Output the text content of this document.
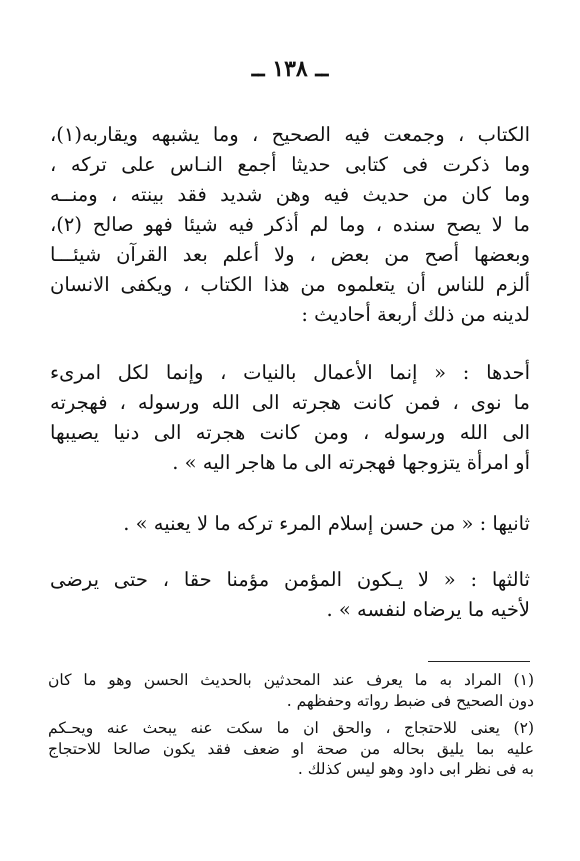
ــ ١٣٨ ــ
الكتاب ، وجمعت فيه الصحيح ، وما يشبهه ويقاربه(١)،
وما ذكرت فى كتابى حديثا أجمع النـاس على تركه ،
وما كان من حديث فيه وهن شديد فقد بينته ، ومنــه
ما لا يصح سنده ، وما لم أذكر فيه شيئا فهو صالح (٢)،
وبعضها أصح من بعض ، ولا أعلم بعد القرآن شيئـــا
ألزم للناس أن يتعلموه من هذا الكتاب ، ويكفى الانسان
لدينه من ذلك أربعة أحاديث :
أحدها : « إنما الأعمال بالنيات ، وإنما لكل امرىء
ما نوى ، فمن كانت هجرته الى الله ورسوله ، فهجرته
الى الله ورسوله ، ومن كانت هجرته الى دنيا يصيبها
أو امرأة يتزوجها فهجرته الى ما هاجر اليه » .
ثانيها : « من حسن إسلام المرء تركه ما لا يعنيه » .
ثالثها : « لا يـكون المؤمن مؤمنا حقا ، حتى يرضى
لأخيه ما يرضاه لنفسه » .
(١) المراد به ما يعرف عند المحدثين بالحديث الحسن وهو ما كان
دون الصحيح فى ضبط رواته وحفظهم .
(٢) يعنى للاحتجاج ، والحق ان ما سكت عنه يبحث عنه ويحـكم
عليه بما يليق بحاله من صحة او ضعف فقد يكون صالحا للاحتجاج
به فى نظر ابى داود وهو ليس كذلك .
